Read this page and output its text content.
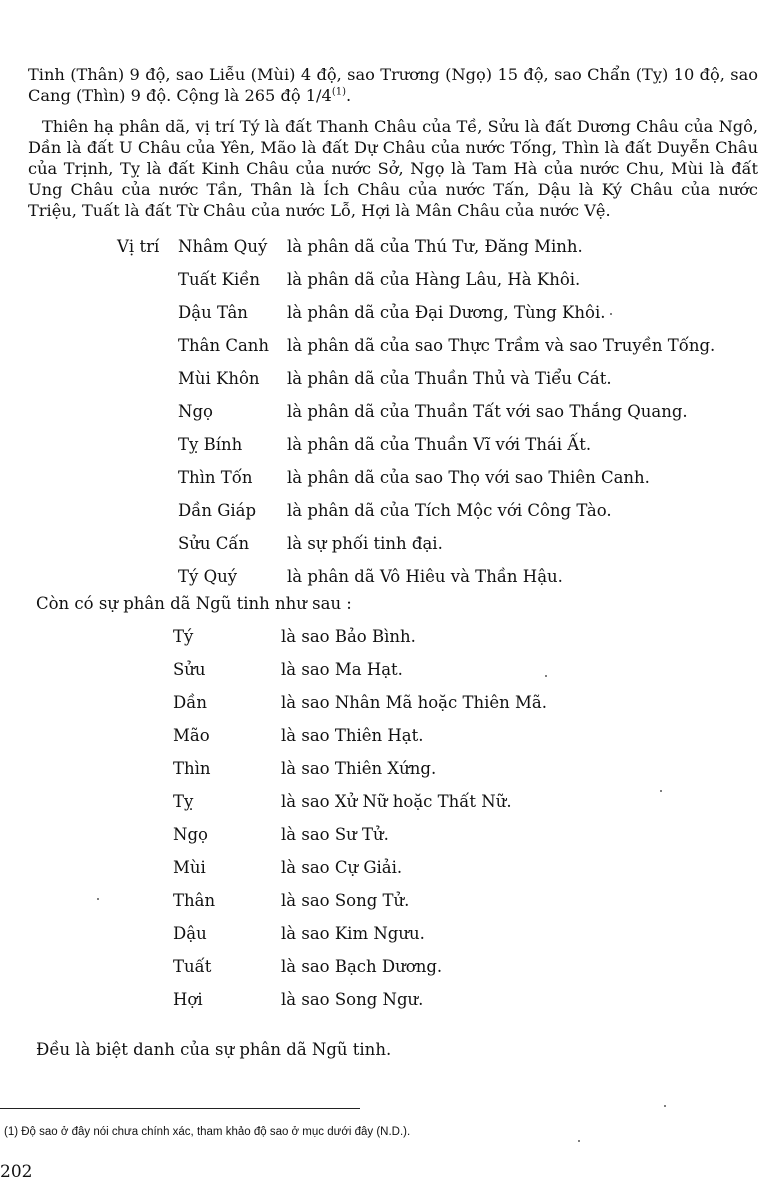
Tinh (Thân) 9 độ, sao Liễu (Mùi) 4 độ, sao Trương (Ngọ) 15 độ, sao Chẩn (Tỵ) 10 độ, sao Cang (Thìn) 9 độ. Cộng là 265 độ 1/4$^{(1)}$.
Thiên hạ phân dã, vị trí Tý là đất Thanh Châu của Tề, Sửu là đất Dương Châu của Ngô, Dần là đất U Châu của Yên, Mão là đất Dự Châu của nước Tống, Thìn là đất Duyễn Châu của Trịnh, Tỵ là đất Kinh Châu của nước Sở, Ngọ là Tam Hà của nước Chu, Mùi là đất Ung Châu của nước Tần, Thân là Ích Châu của nước Tấn, Dậu là Ký Châu của nước Triệu, Tuất là đất Từ Châu của nước Lỗ, Hợi là Mân Châu của nước Vệ.
Vị trí Nhâm Quý là phân dã của Thú Tư, Đăng Minh.
Tuất Kiền là phân dã của Hàng Lâu, Hà Khôi.
Dậu Tân là phân dã của Đại Dương, Tùng Khôi.
Thân Canh là phân dã của sao Thực Trầm và sao Truyền Tống.
Mùi Khôn là phân dã của Thuần Thủ và Tiểu Cát.
Ngọ	là phân dã của Thuần Tất với sao Thắng Quang.
Tỵ Bính	là phân dã của Thuần Vĩ với Thái Ất.
Thìn Tốn là phân dã của sao Thọ với sao Thiên Canh.
Dần Giáp là phân dã của Tích Mộc với Công Tào.
Sửu Cấn là sự phối tinh đại.
Tý Quý	là phân dã Vô Hiêu và Thần Hậu.
Còn có sự phân dã Ngũ tinh như sau :
Tý	là sao Bảo Bình.
Sửu	là sao Ma Hạt.
Dần	là sao Nhân Mã hoặc Thiên Mã.
Mão	là sao Thiên Hạt.
Thìn	là sao Thiên Xứng.
Tỵ	là sao Xử Nữ hoặc Thất Nữ.
Ngọ	là sao Sư Tử.
Mùi	là sao Cự Giải.
Thân	là sao Song Tử.
Dậu	là sao Kim Ngưu.
Tuất	là sao Bạch Dương.
Hợi	là sao Song Ngư.
Đều là biệt danh của sự phân dã Ngũ tinh.
(1) Độ sao ở đây nói chưa chính xác, tham khảo độ sao ở mục dưới đây (N.D.).
202
